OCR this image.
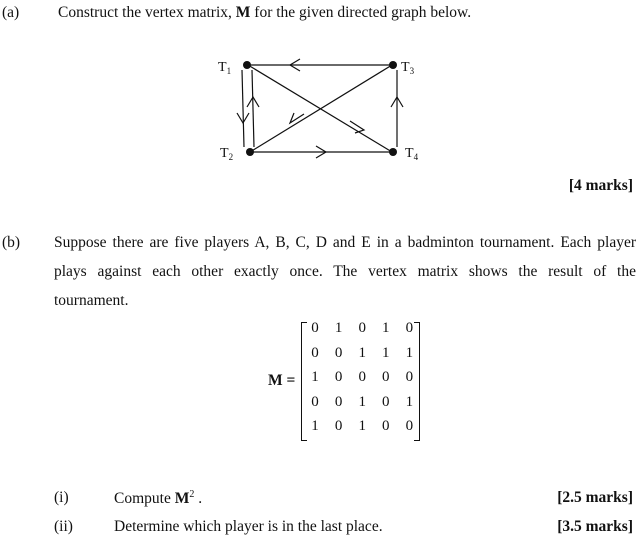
(a)	Construct the vertex matrix, M for the given directed graph below.
$T_1$	$T_3$
$T_2$	$T_4$
[4 marks]
(b) Suppose there are five players A, B, C, D and E in a badminton tournament. Each player
plays against each other exactly once. The vertex matrix shows the result of the
tournament.
M =
0	1	0	1	0
0	0	1	1	1
1	0	0	0	0
0	0	1	0	1
1	0	1	0	0
(i)	Compute $M^2$ .	[2.5 marks]
(ii)	Determine which player is in the last place.	[3.5 marks]
